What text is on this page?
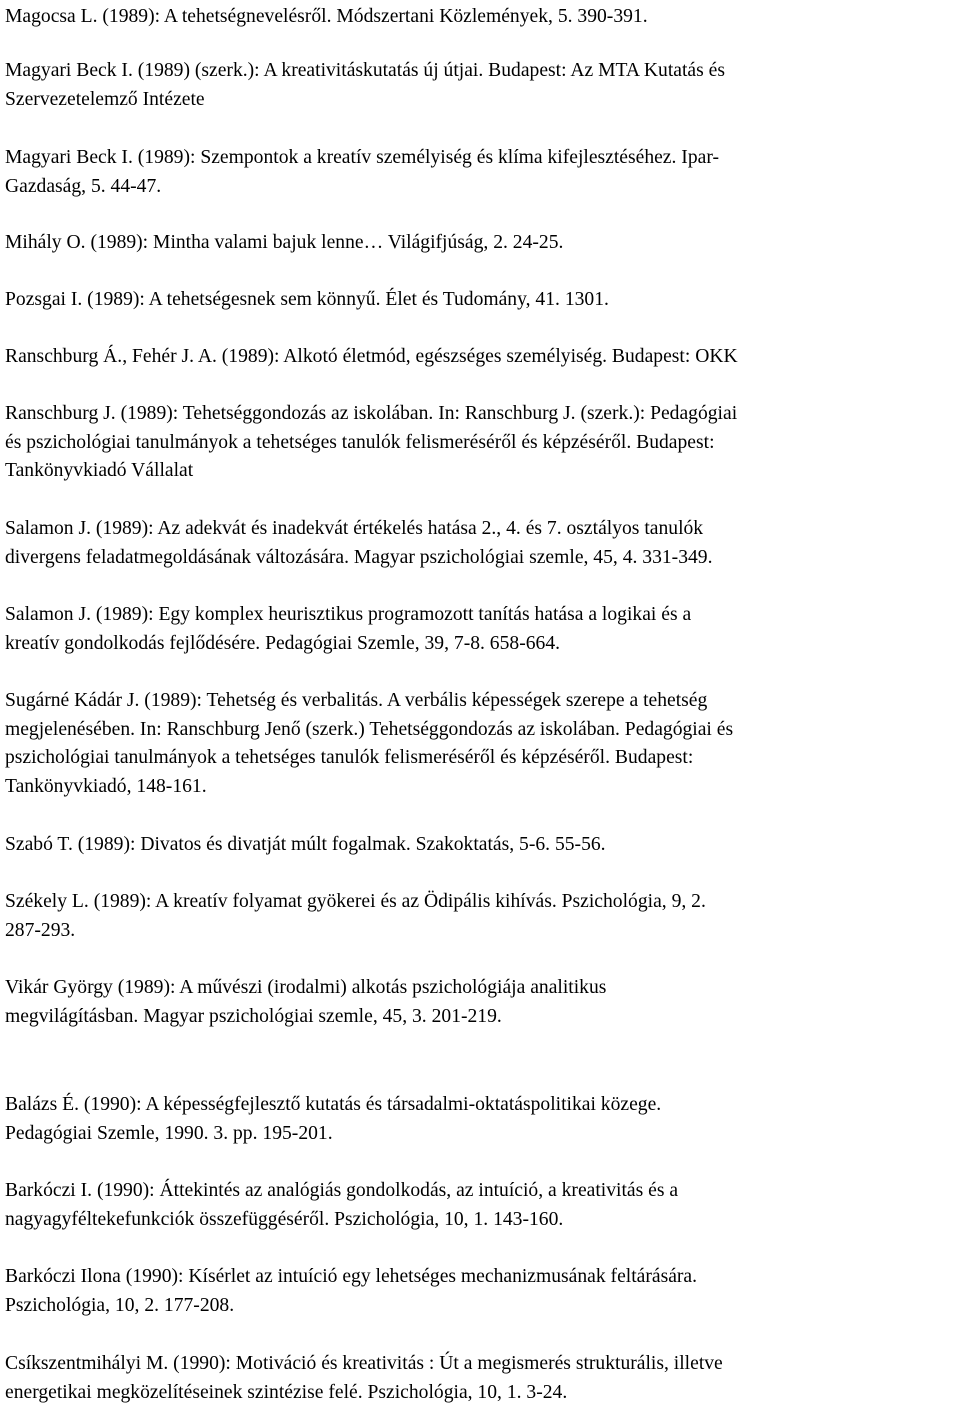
Magocsa L. (1989): A tehetségnevelésről. Módszertani Közlemények, 5. 390-391.

Magyari Beck I. (1989) (szerk.): A kreativitáskutatás új útjai. Budapest: Az MTA Kutatás és
Szervezetelemző Intézete

Magyari Beck I. (1989): Szempontok a kreatív személyiség és klíma kifejlesztéséhez. Ipar-
Gazdaság, 5. 44-47.

Mihály O. (1989): Mintha valami bajuk lenne… Világifjúság, 2. 24-25.

Pozsgai I. (1989): A tehetségesnek sem könnyű. Élet és Tudomány, 41. 1301.

Ranschburg Á., Fehér J. A. (1989): Alkotó életmód, egészséges személyiség. Budapest: OKK

Ranschburg J. (1989): Tehetséggondozás az iskolában. In: Ranschburg J. (szerk.): Pedagógiai
és pszichológiai tanulmányok a tehetséges tanulók felismeréséről és képzéséről. Budapest:
Tankönyvkiadó Vállalat

Salamon J. (1989): Az adekvát és inadekvát értékelés hatása 2., 4. és 7. osztályos tanulók
divergens feladatmegoldásának változására. Magyar pszichológiai szemle, 45, 4. 331-349.

Salamon J. (1989): Egy komplex heurisztikus programozott tanítás hatása a logikai és a
kreatív gondolkodás fejlődésére. Pedagógiai Szemle, 39, 7-8. 658-664.

Sugárné Kádár J. (1989): Tehetség és verbalitás. A verbális képességek szerepe a tehetség
megjelenésében. In: Ranschburg Jenő (szerk.) Tehetséggondozás az iskolában. Pedagógiai és
pszichológiai tanulmányok a tehetséges tanulók felismeréséről és képzéséről. Budapest:
Tankönyvkiadó, 148-161.

Szabó T. (1989): Divatos és divatját múlt fogalmak. Szakoktatás, 5-6. 55-56.

Székely L. (1989): A kreatív folyamat gyökerei és az Ödipális kihívás. Pszichológia, 9, 2.
287-293.

Vikár György (1989): A művészi (irodalmi) alkotás pszichológiája analitikus
megvilágításban. Magyar pszichológiai szemle, 45, 3. 201-219.

Balázs É. (1990): A képességfejlesztő kutatás és társadalmi-oktatáspolitikai közege.
Pedagógiai Szemle, 1990. 3. pp. 195-201.

Barkóczi I. (1990): Áttekintés az analógiás gondolkodás, az intuíció, a kreativitás és a
nagyagyféltekefunkciók összefüggéséről. Pszichológia, 10, 1. 143-160.

Barkóczi Ilona (1990): Kísérlet az intuíció egy lehetséges mechanizmusának feltárására.
Pszichológia, 10, 2. 177-208.

Csíkszentmihályi M. (1990): Motiváció és kreativitás : Út a megismerés strukturális, illetve
energetikai megközelítéseinek szintézise felé. Pszichológia, 10, 1. 3-24.
